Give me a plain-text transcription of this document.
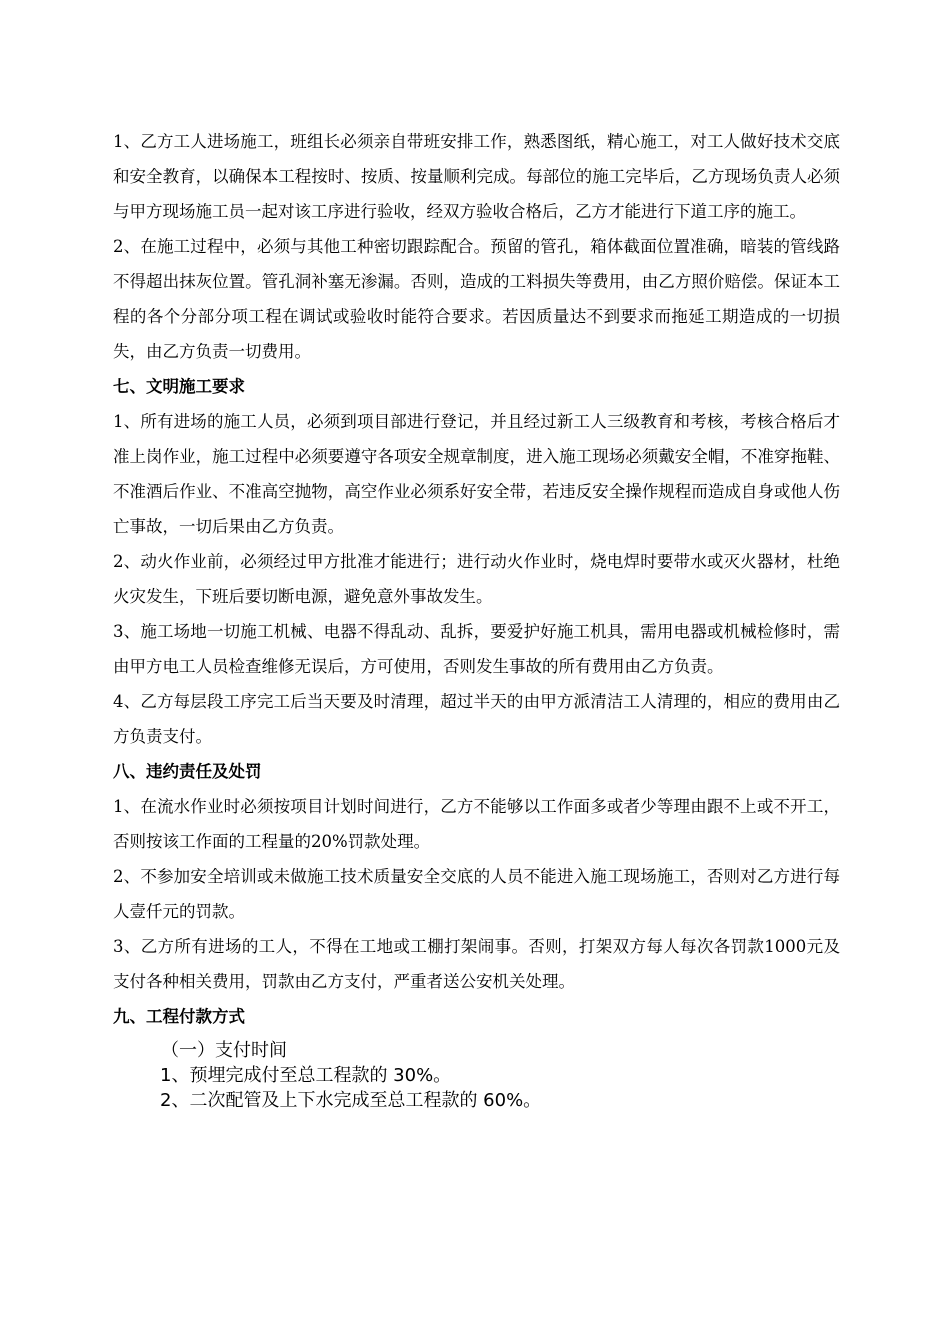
1、乙方工人进场施工，班组长必须亲自带班安排工作，熟悉图纸，精心施工，对工人做好技术交底和安全教育，以确保本工程按时、按质、按量顺利完成。每部位的施工完毕后，乙方现场负责人必须与甲方现场施工员一起对该工序进行验收，经双方验收合格后，乙方才能进行下道工序的施工。

2、在施工过程中，必须与其他工种密切跟踪配合。预留的管孔，箱体截面位置准确，暗装的管线路不得超出抹灰位置。管孔洞补塞无渗漏。否则，造成的工料损失等费用，由乙方照价赔偿。保证本工程的各个分部分项工程在调试或验收时能符合要求。若因质量达不到要求而拖延工期造成的一切损失，由乙方负责一切费用。

七、文明施工要求

1、所有进场的施工人员，必须到项目部进行登记，并且经过新工人三级教育和考核，考核合格后才准上岗作业，施工过程中必须要遵守各项安全规章制度，进入施工现场必须戴安全帽，不准穿拖鞋、不准酒后作业、不准高空抛物，高空作业必须系好安全带，若违反安全操作规程而造成自身或他人伤亡事故，一切后果由乙方负责。

2、动火作业前，必须经过甲方批准才能进行；进行动火作业时，烧电焊时要带水或灭火器材，杜绝火灾发生，下班后要切断电源，避免意外事故发生。

3、施工场地一切施工机械、电器不得乱动、乱拆，要爱护好施工机具，需用电器或机械检修时，需由甲方电工人员检查维修无误后，方可使用，否则发生事故的所有费用由乙方负责。

4、乙方每层段工序完工后当天要及时清理，超过半天的由甲方派清洁工人清理的，相应的费用由乙方负责支付。

八、违约责任及处罚

1、在流水作业时必须按项目计划时间进行，乙方不能够以工作面多或者少等理由跟不上或不开工，否则按该工作面的工程量的20%罚款处理。

2、不参加安全培训或未做施工技术质量安全交底的人员不能进入施工现场施工，否则对乙方进行每人壹仟元的罚款。

3、乙方所有进场的工人，不得在工地或工棚打架闹事。否则，打架双方每人每次各罚款1000元及支付各种相关费用，罚款由乙方支付，严重者送公安机关处理。

九、工程付款方式

（一）支付时间

1、预埋完成付至总工程款的 30%。

2、二次配管及上下水完成至总工程款的 60%。
